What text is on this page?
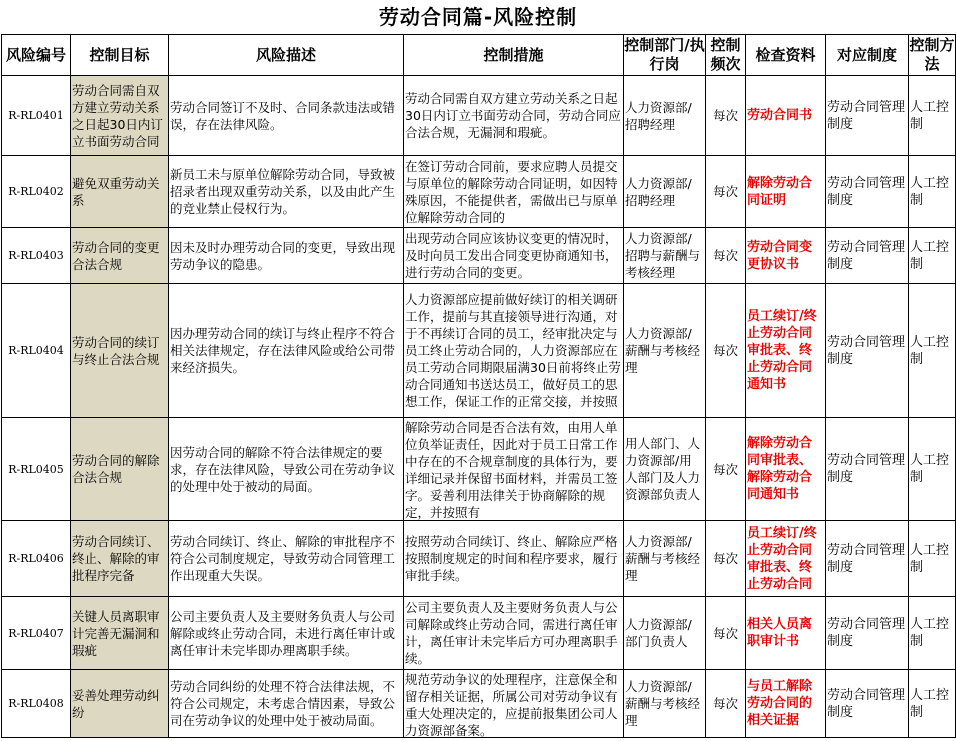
劳动合同篇-风险控制
风险编号	控制目标	风险描述	控制措施	控制部门/执行岗	控制频次	检查资料	对应制度	控制方法

R-RL0401	劳动合同需自双方建立劳动关系之日起30日内订立书面劳动合同	劳动合同签订不及时、合同条款违法或错误，存在法律风险。	劳动合同需自双方建立劳动关系之日起30日内订立书面劳动合同，劳动合同应合法合规，无漏洞和瑕疵。	人力资源部/招聘经理	每次	劳动合同书	劳动合同管理制度	人工控制

R-RL0402	避免双重劳动关系	新员工未与原单位解除劳动合同，导致被招录者出现双重劳动关系，以及由此产生的竞业禁止侵权行为。	在签订劳动合同前，要求应聘人员提交与原单位的解除劳动合同证明，如因特殊原因，不能提供者，需做出已与原单位解除劳动合同的	人力资源部/招聘经理	每次	解除劳动合同证明	劳动合同管理制度	人工控制

R-RL0403	劳动合同的变更合法合规	因未及时办理劳动合同的变更，导致出现劳动争议的隐患。	出现劳动合同应该协议变更的情况时，及时向员工发出合同变更协商通知书，进行劳动合同的变更。	人力资源部/招聘与薪酬与考核经理	每次	劳动合同变更协议书	劳动合同管理制度	人工控制

R-RL0404	劳动合同的续订与终止合法合规	因办理劳动合同的续订与终止程序不符合相关法律规定，存在法律风险或给公司带来经济损失。	人力资源部应提前做好续订的相关调研工作，提前与其直接领导进行沟通，对于不再续订合同的员工，经审批决定与员工终止劳动合同的，人力资源部应在员工劳动合同期限届满30日前将终止劳动合同通知书送达员工，做好员工的思想工作，保证工作的正常交接，并按照	人力资源部/薪酬与考核经理	每次	员工续订/终止劳动合同审批表、终止劳动合同通知书	劳动合同管理制度	人工控制

R-RL0405	劳动合同的解除合法合规	因劳动合同的解除不符合法律规定的要求，存在法律风险，导致公司在劳动争议的处理中处于被动的局面。	解除劳动合同是否合法有效，由用人单位负举证责任，因此对于员工日常工作中存在的不合规章制度的具体行为，要详细记录并保留书面材料，并需员工签字。妥善利用法律关于协商解除的规定，并按照有	用人部门、人力资源部/用人部门及人力资源部负责人	每次	解除劳动合同审批表、解除劳动合同通知书	劳动合同管理制度	人工控制

R-RL0406	劳动合同续订、终止、解除的审批程序完备	劳动合同续订、终止、解除的审批程序不符合公司制度规定，导致劳动合同管理工作出现重大失误。	按照劳动合同续订、终止、解除应严格按照制度规定的时间和程序要求，履行审批手续。	人力资源部/薪酬与考核经理	每次	员工续订/终止劳动合同审批表、终止劳动合同	劳动合同管理制度	人工控制

R-RL0407	关键人员离职审计完善无漏洞和瑕疵	公司主要负责人及主要财务负责人与公司解除或终止劳动合同，未进行离任审计或离任审计未完毕即办理离职手续。	公司主要负责人及主要财务负责人与公司解除或终止劳动合同，需进行离任审计，离任审计未完毕后方可办理离职手续。	人力资源部/部门负责人	每次	相关人员离职审计书	劳动合同管理制度	人工控制

R-RL0408	妥善处理劳动纠纷	劳动合同纠纷的处理不符合法律法规，不符合公司规定，未考虑合情因素，导致公司在劳动争议的处理中处于被动局面。	规范劳动争议的处理程序，注意保全和留存相关证据，所属公司对劳动争议有重大处理决定的，应提前报集团公司人力资源部备案。	人力资源部/薪酬与考核经理	每次	与员工解除劳动合同的相关证据	劳动合同管理制度	人工控制
